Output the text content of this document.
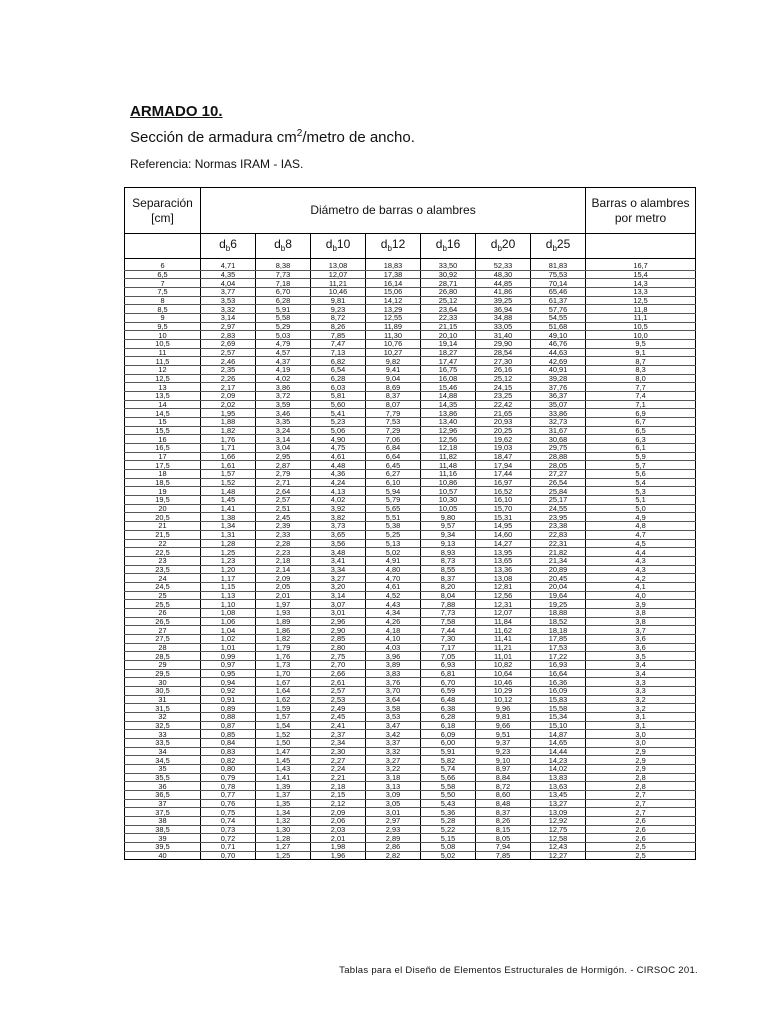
ARMADO 10.

Sección de armadura $cm^2$/metro de ancho.

Referencia: Normas IRAM - IAS.

Separación [cm]	Diámetro de barras o alambres							Barras o alambres por metro
	$d_b6$	$d_b8$	$d_b10$	$d_b12$	$d_b16$	$d_b20$	$d_b25$	

6	4,71	8,38	13,08	18,83	33,50	52,33	81,83	16,7
6,5	4,35	7,73	12,07	17,38	30,92	48,30	75,53	15,4
7	4,04	7,18	11,21	16,14	28,71	44,85	70,14	14,3
7,5	3,77	6,70	10,46	15,06	26,80	41,86	65,46	13,3
8	3,53	6,28	9,81	14,12	25,12	39,25	61,37	12,5
8,5	3,32	5,91	9,23	13,29	23,64	36,94	57,76	11,8
9	3,14	5,58	8,72	12,55	22,33	34,88	54,55	11,1
9,5	2,97	5,29	8,26	11,89	21,15	33,05	51,68	10,5
10	2,83	5,03	7,85	11,30	20,10	31,40	49,10	10,0
10,5	2,69	4,79	7,47	10,76	19,14	29,90	46,76	9,5
11	2,57	4,57	7,13	10,27	18,27	28,54	44,63	9,1
11,5	2,46	4,37	6,82	9,82	17,47	27,30	42,69	8,7
12	2,35	4,19	6,54	9,41	16,75	26,16	40,91	8,3
12,5	2,26	4,02	6,28	9,04	16,08	25,12	39,28	8,0
13	2,17	3,86	6,03	8,69	15,46	24,15	37,76	7,7
13,5	2,09	3,72	5,81	8,37	14,88	23,25	36,37	7,4
14	2,02	3,59	5,60	8,07	14,35	22,42	35,07	7,1
14,5	1,95	3,46	5,41	7,79	13,86	21,65	33,86	6,9
15	1,88	3,35	5,23	7,53	13,40	20,93	32,73	6,7
15,5	1,82	3,24	5,06	7,29	12,96	20,25	31,67	6,5
16	1,76	3,14	4,90	7,06	12,56	19,62	30,68	6,3
16,5	1,71	3,04	4,75	6,84	12,18	19,03	29,75	6,1
17	1,66	2,95	4,61	6,64	11,82	18,47	28,88	5,9
17,5	1,61	2,87	4,48	6,45	11,48	17,94	28,05	5,7
18	1,57	2,79	4,36	6,27	11,16	17,44	27,27	5,6
18,5	1,52	2,71	4,24	6,10	10,86	16,97	26,54	5,4
19	1,48	2,64	4,13	5,94	10,57	16,52	25,84	5,3
19,5	1,45	2,57	4,02	5,79	10,30	16,10	25,17	5,1
20	1,41	2,51	3,92	5,65	10,05	15,70	24,55	5,0
20,5	1,38	2,45	3,82	5,51	9,80	15,31	23,95	4,9
21	1,34	2,39	3,73	5,38	9,57	14,95	23,38	4,8
21,5	1,31	2,33	3,65	5,25	9,34	14,60	22,83	4,7
22	1,28	2,28	3,56	5,13	9,13	14,27	22,31	4,5
22,5	1,25	2,23	3,48	5,02	8,93	13,95	21,82	4,4
23	1,23	2,18	3,41	4,91	8,73	13,65	21,34	4,3
23,5	1,20	2,14	3,34	4,80	8,55	13,36	20,89	4,3
24	1,17	2,09	3,27	4,70	8,37	13,08	20,45	4,2
24,5	1,15	2,05	3,20	4,61	8,20	12,81	20,04	4,1
25	1,13	2,01	3,14	4,52	8,04	12,56	19,64	4,0
25,5	1,10	1,97	3,07	4,43	7,88	12,31	19,25	3,9
26	1,08	1,93	3,01	4,34	7,73	12,07	18,88	3,8
26,5	1,06	1,89	2,96	4,26	7,58	11,84	18,52	3,8
27	1,04	1,86	2,90	4,18	7,44	11,62	18,18	3,7
27,5	1,02	1,82	2,85	4,10	7,30	11,41	17,85	3,6
28	1,01	1,79	2,80	4,03	7,17	11,21	17,53	3,6
28,5	0,99	1,76	2,75	3,96	7,05	11,01	17,22	3,5
29	0,97	1,73	2,70	3,89	6,93	10,82	16,93	3,4
29,5	0,95	1,70	2,66	3,83	6,81	10,64	16,64	3,4
30	0,94	1,67	2,61	3,76	6,70	10,46	16,36	3,3
30,5	0,92	1,64	2,57	3,70	6,59	10,29	16,09	3,3
31	0,91	1,62	2,53	3,64	6,48	10,12	15,83	3,2
31,5	0,89	1,59	2,49	3,58	6,38	9,96	15,58	3,2
32	0,88	1,57	2,45	3,53	6,28	9,81	15,34	3,1
32,5	0,87	1,54	2,41	3,47	6,18	9,66	15,10	3,1
33	0,85	1,52	2,37	3,42	6,09	9,51	14,87	3,0
33,5	0,84	1,50	2,34	3,37	6,00	9,37	14,65	3,0
34	0,83	1,47	2,30	3,32	5,91	9,23	14,44	2,9
34,5	0,82	1,45	2,27	3,27	5,82	9,10	14,23	2,9
35	0,80	1,43	2,24	3,22	5,74	8,97	14,02	2,9
35,5	0,79	1,41	2,21	3,18	5,66	8,84	13,83	2,8
36	0,78	1,39	2,18	3,13	5,58	8,72	13,63	2,8
36,5	0,77	1,37	2,15	3,09	5,50	8,60	13,45	2,7
37	0,76	1,35	2,12	3,05	5,43	8,48	13,27	2,7
37,5	0,75	1,34	2,09	3,01	5,36	8,37	13,09	2,7
38	0,74	1,32	2,06	2,97	5,28	8,26	12,92	2,6
38,5	0,73	1,30	2,03	2,93	5,22	8,15	12,75	2,6
39	0,72	1,28	2,01	2,89	5,15	8,05	12,58	2,6
39,5	0,71	1,27	1,98	2,86	5,08	7,94	12,43	2,5
40	0,70	1,25	1,96	2,82	5,02	7,85	12,27	2,5

Tablas para el Diseño de Elementos Estructurales de Hormigón. - CIRSOC 201.
